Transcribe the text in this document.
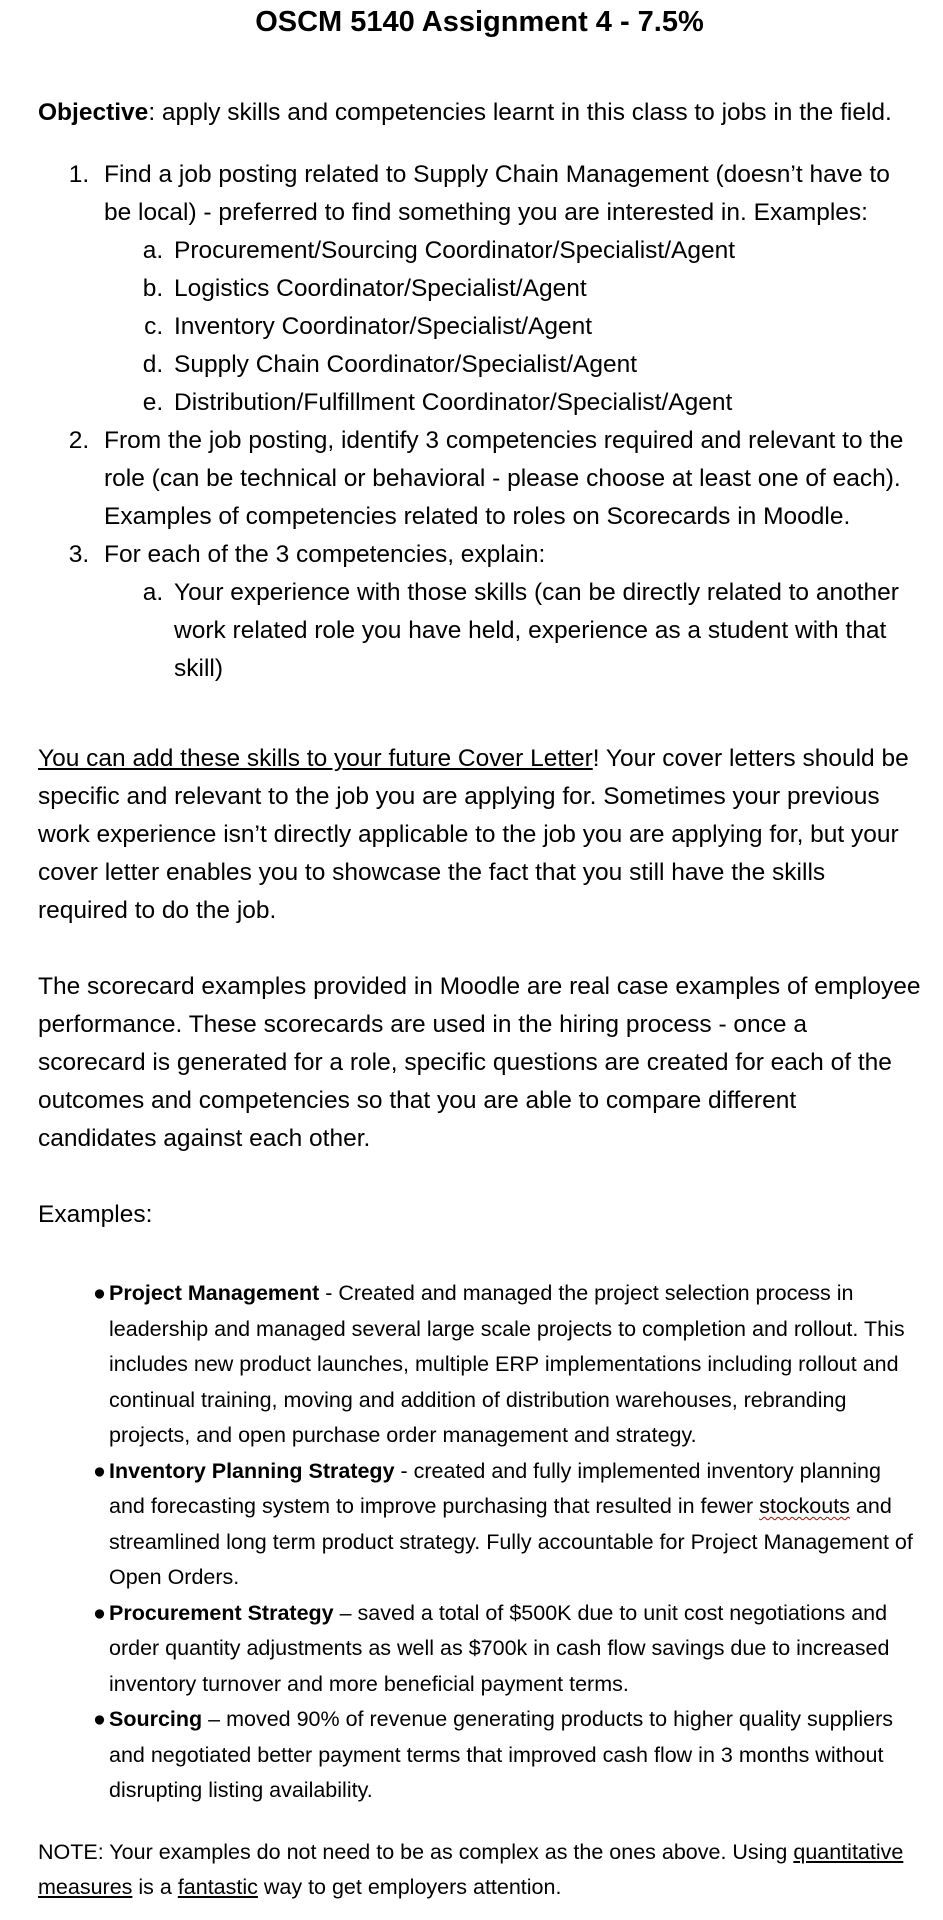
OSCM 5140 Assignment 4 - 7.5%

Objective: apply skills and competencies learnt in this class to jobs in the field.

1. Find a job posting related to Supply Chain Management (doesn’t have to be local) - preferred to find something you are interested in. Examples:
a. Procurement/Sourcing Coordinator/Specialist/Agent
b. Logistics Coordinator/Specialist/Agent
c. Inventory Coordinator/Specialist/Agent
d. Supply Chain Coordinator/Specialist/Agent
e. Distribution/Fulfillment Coordinator/Specialist/Agent
2. From the job posting, identify 3 competencies required and relevant to the role (can be technical or behavioral - please choose at least one of each). Examples of competencies related to roles on Scorecards in Moodle.
3. For each of the 3 competencies, explain:
a. Your experience with those skills (can be directly related to another work related role you have held, experience as a student with that skill)

You can add these skills to your future Cover Letter! Your cover letters should be specific and relevant to the job you are applying for. Sometimes your previous work experience isn’t directly applicable to the job you are applying for, but your cover letter enables you to showcase the fact that you still have the skills required to do the job.

The scorecard examples provided in Moodle are real case examples of employee performance. These scorecards are used in the hiring process - once a scorecard is generated for a role, specific questions are created for each of the outcomes and competencies so that you are able to compare different candidates against each other.

Examples:

● Project Management - Created and managed the project selection process in leadership and managed several large scale projects to completion and rollout. This includes new product launches, multiple ERP implementations including rollout and continual training, moving and addition of distribution warehouses, rebranding projects, and open purchase order management and strategy.
● Inventory Planning Strategy - created and fully implemented inventory planning and forecasting system to improve purchasing that resulted in fewer stockouts and streamlined long term product strategy. Fully accountable for Project Management of Open Orders.
● Procurement Strategy – saved a total of $500K due to unit cost negotiations and order quantity adjustments as well as $700k in cash flow savings due to increased inventory turnover and more beneficial payment terms.
● Sourcing – moved 90% of revenue generating products to higher quality suppliers and negotiated better payment terms that improved cash flow in 3 months without disrupting listing availability.

NOTE: Your examples do not need to be as complex as the ones above. Using quantitative measures is a fantastic way to get employers attention.
